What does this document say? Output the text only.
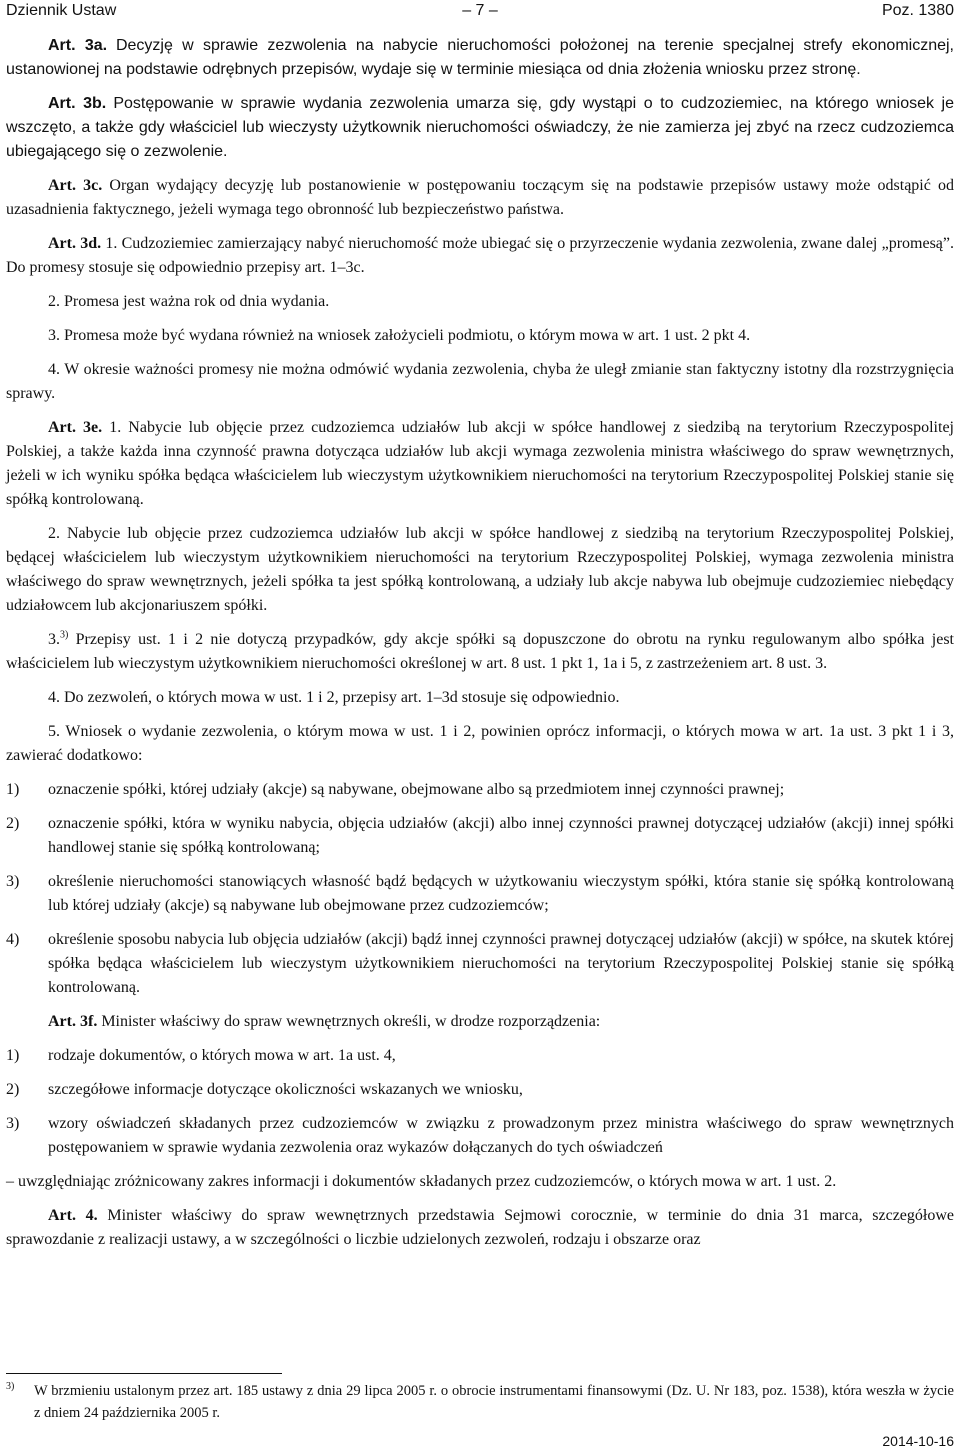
Dziennik Ustaw	– 7 –	Poz. 1380

Art. 3a. Decyzję w sprawie zezwolenia na nabycie nieruchomości położonej na terenie specjalnej strefy ekonomicznej, ustanowionej na podstawie odrębnych przepisów, wydaje się w terminie miesiąca od dnia złożenia wniosku przez stronę.

Art. 3b. Postępowanie w sprawie wydania zezwolenia umarza się, gdy wystąpi o to cudzoziemiec, na którego wniosek je wszczęto, a także gdy właściciel lub wieczysty użytkownik nieruchomości oświadczy, że nie zamierza jej zbyć na rzecz cudzoziemca ubiegającego się o zezwolenie.

Art. 3c. Organ wydający decyzję lub postanowienie w postępowaniu toczącym się na podstawie przepisów ustawy może odstąpić od uzasadnienia faktycznego, jeżeli wymaga tego obronność lub bezpieczeństwo państwa.

Art. 3d. 1. Cudzoziemiec zamierzający nabyć nieruchomość może ubiegać się o przyrzeczenie wydania zezwolenia, zwane dalej „promesą”. Do promesy stosuje się odpowiednio przepisy art. 1–3c.

2. Promesa jest ważna rok od dnia wydania.

3. Promesa może być wydana również na wniosek założycieli podmiotu, o którym mowa w art. 1 ust. 2 pkt 4.

4. W okresie ważności promesy nie można odmówić wydania zezwolenia, chyba że uległ zmianie stan faktyczny istotny dla rozstrzygnięcia sprawy.

Art. 3e. 1. Nabycie lub objęcie przez cudzoziemca udziałów lub akcji w spółce handlowej z siedzibą na terytorium Rzeczypospolitej Polskiej, a także każda inna czynność prawna dotycząca udziałów lub akcji wymaga zezwolenia ministra właściwego do spraw wewnętrznych, jeżeli w ich wyniku spółka będąca właścicielem lub wieczystym użytkownikiem nieruchomości na terytorium Rzeczypospolitej Polskiej stanie się spółką kontrolowaną.

2. Nabycie lub objęcie przez cudzoziemca udziałów lub akcji w spółce handlowej z siedzibą na terytorium Rzeczypospolitej Polskiej, będącej właścicielem lub wieczystym użytkownikiem nieruchomości na terytorium Rzeczypospolitej Polskiej, wymaga zezwolenia ministra właściwego do spraw wewnętrznych, jeżeli spółka ta jest spółką kontrolowaną, a udziały lub akcje nabywa lub obejmuje cudzoziemiec niebędący udziałowcem lub akcjonariuszem spółki.

3.$^{3)}$ Przepisy ust. 1 i 2 nie dotyczą przypadków, gdy akcje spółki są dopuszczone do obrotu na rynku regulowanym albo spółka jest właścicielem lub wieczystym użytkownikiem nieruchomości określonej w art. 8 ust. 1 pkt 1, 1a i 5, z zastrzeżeniem art. 8 ust. 3.

4. Do zezwoleń, o których mowa w ust. 1 i 2, przepisy art. 1–3d stosuje się odpowiednio.

5. Wniosek o wydanie zezwolenia, o którym mowa w ust. 1 i 2, powinien oprócz informacji, o których mowa w art. 1a ust. 3 pkt 1 i 3, zawierać dodatkowo:

1)	oznaczenie spółki, której udziały (akcje) są nabywane, obejmowane albo są przedmiotem innej czynności prawnej;
2)	oznaczenie spółki, która w wyniku nabycia, objęcia udziałów (akcji) albo innej czynności prawnej dotyczącej udziałów (akcji) innej spółki handlowej stanie się spółką kontrolowaną;
3)	określenie nieruchomości stanowiących własność bądź będących w użytkowaniu wieczystym spółki, która stanie się spółką kontrolowaną lub której udziały (akcje) są nabywane lub obejmowane przez cudzoziemców;
4)	określenie sposobu nabycia lub objęcia udziałów (akcji) bądź innej czynności prawnej dotyczącej udziałów (akcji) w spółce, na skutek której spółka będąca właścicielem lub wieczystym użytkownikiem nieruchomości na terytorium Rzeczypospolitej Polskiej stanie się spółką kontrolowaną.

Art. 3f. Minister właściwy do spraw wewnętrznych określi, w drodze rozporządzenia:

1)	rodzaje dokumentów, o których mowa w art. 1a ust. 4,
2)	szczegółowe informacje dotyczące okoliczności wskazanych we wniosku,
3)	wzory oświadczeń składanych przez cudzoziemców w związku z prowadzonym przez ministra właściwego do spraw wewnętrznych postępowaniem w sprawie wydania zezwolenia oraz wykazów dołączanych do tych oświadczeń

– uwzględniając zróżnicowany zakres informacji i dokumentów składanych przez cudzoziemców, o których mowa w art. 1 ust. 2.

Art. 4. Minister właściwy do spraw wewnętrznych przedstawia Sejmowi corocznie, w terminie do dnia 31 marca, szczegółowe sprawozdanie z realizacji ustawy, a w szczególności o liczbie udzielonych zezwoleń, rodzaju i obszarze oraz

3)	W brzmieniu ustalonym przez art. 185 ustawy z dnia 29 lipca 2005 r. o obrocie instrumentami finansowymi (Dz. U. Nr 183, poz. 1538), która weszła w życie z dniem 24 października 2005 r.
2014-10-16
